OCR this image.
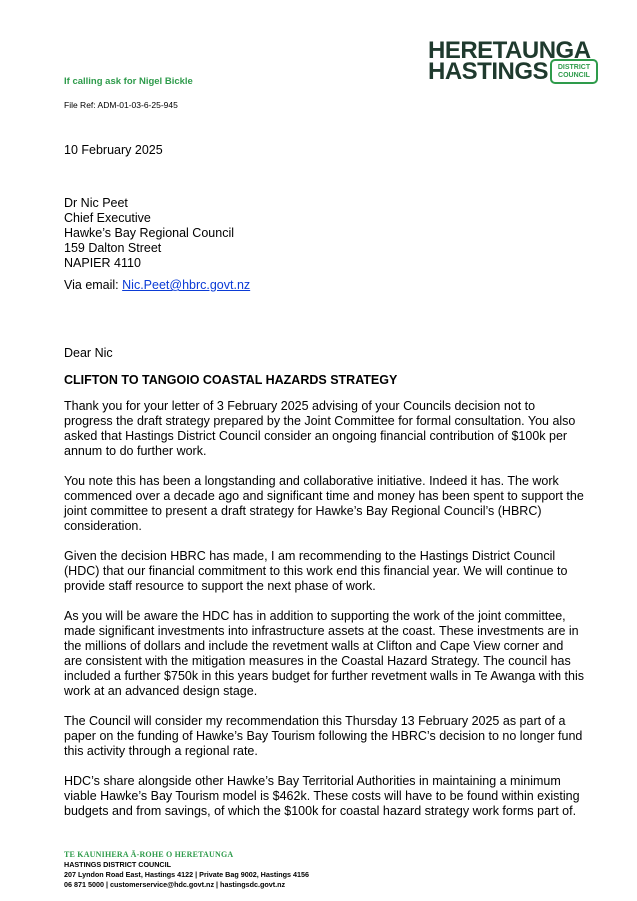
HERETAUNGA
HASTINGS	DISTRICT
COUNCIL
If calling ask for Nigel Bickle
File Ref: ADM-01-03-6-25-945
10 February 2025
Dr Nic Peet
Chief Executive
Hawke’s Bay Regional Council
159 Dalton Street
NAPIER 4110
Via email: Nic.Peet@hbrc.govt.nz
Dear Nic
CLIFTON TO TANGOIO COASTAL HAZARDS STRATEGY

Thank you for your letter of 3 February 2025 advising of your Councils decision not to progress the draft strategy prepared by the Joint Committee for formal consultation. You also asked that Hastings District Council consider an ongoing financial contribution of $100k per annum to do further work.

You note this has been a longstanding and collaborative initiative. Indeed it has. The work commenced over a decade ago and significant time and money has been spent to support the joint committee to present a draft strategy for Hawke’s Bay Regional Council’s (HBRC) consideration.

Given the decision HBRC has made, I am recommending to the Hastings District Council (HDC) that our financial commitment to this work end this financial year. We will continue to provide staff resource to support the next phase of work.

As you will be aware the HDC has in addition to supporting the work of the joint committee, made significant investments into infrastructure assets at the coast. These investments are in the millions of dollars and include the revetment walls at Clifton and Cape View corner and are consistent with the mitigation measures in the Coastal Hazard Strategy. The council has included a further $750k in this years budget for further revetment walls in Te Awanga with this work at an advanced design stage.

The Council will consider my recommendation this Thursday 13 February 2025 as part of a paper on the funding of Hawke’s Bay Tourism following the HBRC’s decision to no longer fund this activity through a regional rate.

HDC’s share alongside other Hawke’s Bay Territorial Authorities in maintaining a minimum viable Hawke’s Bay Tourism model is $462k. These costs will have to be found within existing budgets and from savings, of which the $100k for coastal hazard strategy work forms part of.

TE KAUNIHERA Ā-ROHE O HERETAUNGA
HASTINGS DISTRICT COUNCIL
207 Lyndon Road East, Hastings 4122 | Private Bag 9002, Hastings 4156
06 871 5000 | customerservice@hdc.govt.nz | hastingsdc.govt.nz
